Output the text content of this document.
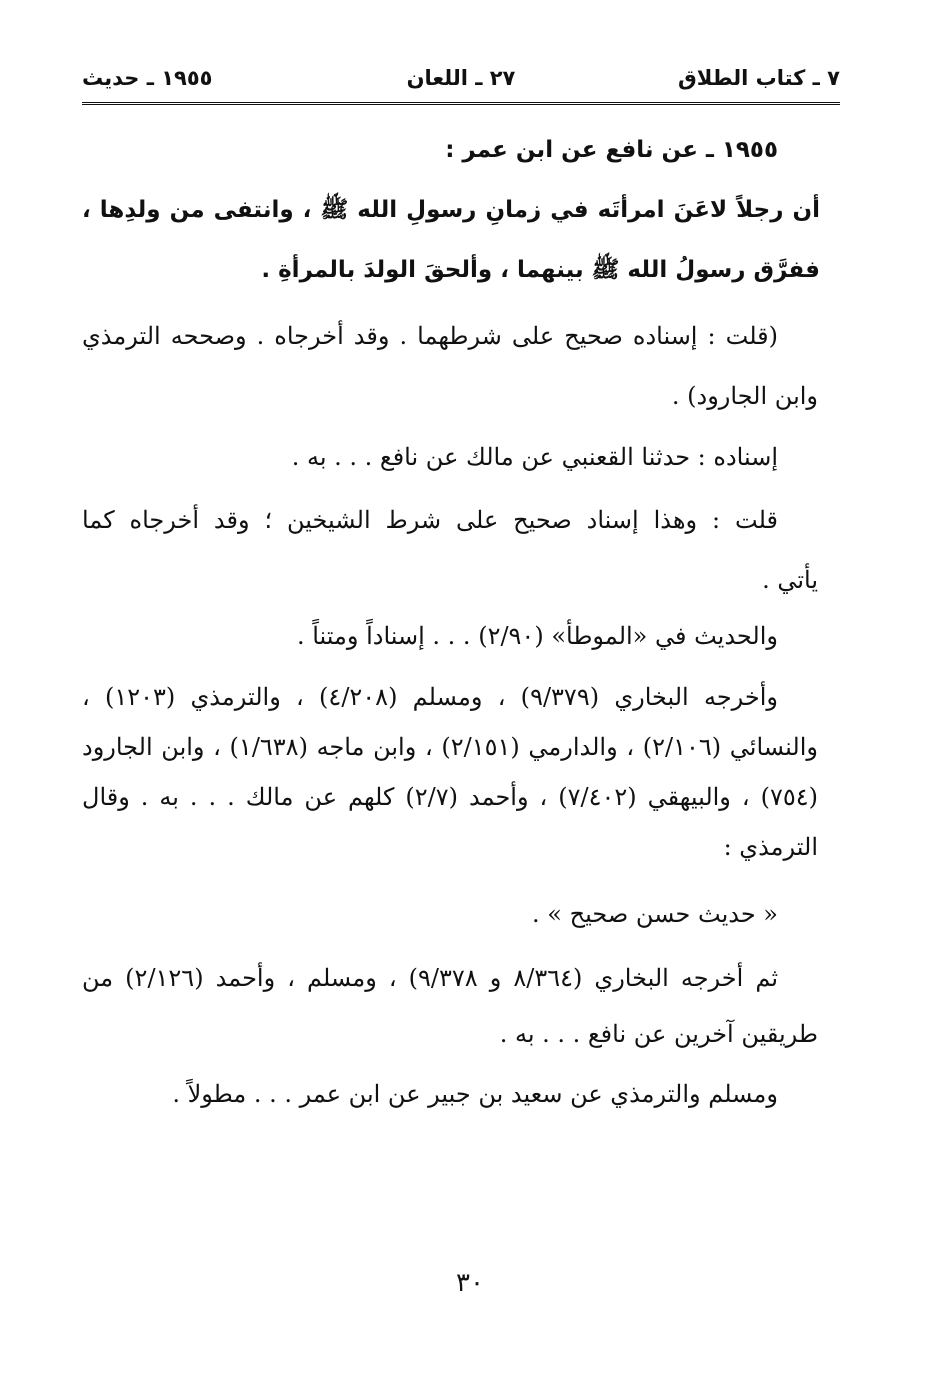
٧ ـ كتاب الطلاق
٢٧ ـ اللعان
١٩٥٥ ـ حديث
١٩٥٥ ـ عن نافع عن ابن عمر :
أن رجلاً لاعَنَ امرأتَه في زمانِ رسولِ الله ﷺ ، وانتفى من ولدِها ،
ففرَّق رسولُ الله ﷺ بينهما ، وألحقَ الولدَ بالمرأةِ .
(قلت : إسناده صحيح على شرطهما . وقد أخرجاه . وصححه الترمذي
وابن الجارود) .
إسناده : حدثنا القعنبي عن مالك عن نافع . . . به .
قلت : وهذا إسناد صحيح على شرط الشيخين ؛ وقد أخرجاه كما
يأتي .
والحديث في «الموطأ» (٢/٩٠) . . . إسناداً ومتناً .
وأخرجه البخاري (٩/٣٧٩) ، ومسلم (٤/٢٠٨) ، والترمذي (١٢٠٣) ،
والنسائي (٢/١٠٦) ، والدارمي (٢/١٥١) ، وابن ماجه (١/٦٣٨) ، وابن الجارود
(٧٥٤) ، والبيهقي (٧/٤٠٢) ، وأحمد (٢/٧) كلهم عن مالك . . . به . وقال
الترمذي :
« حديث حسن صحيح » .
ثم أخرجه البخاري (٨/٣٦٤ و ٩/٣٧٨) ، ومسلم ، وأحمد (٢/١٢٦) من
طريقين آخرين عن نافع . . . به .
ومسلم والترمذي عن سعيد بن جبير عن ابن عمر . . . مطولاً .
٣٠
